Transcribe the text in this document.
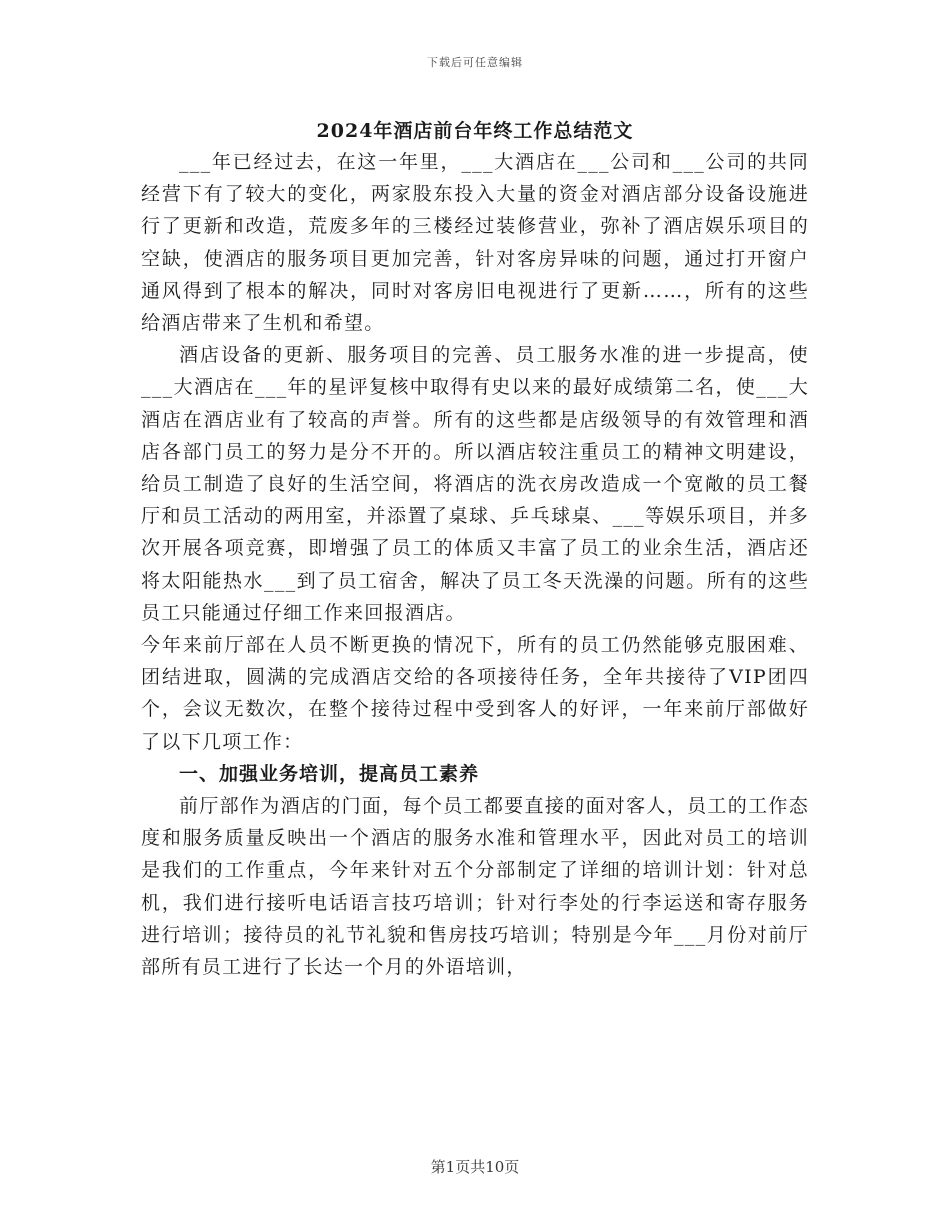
下载后可任意编辑
2024年酒店前台年终工作总结范文

___年已经过去，在这一年里，___大酒店在___公司和___公司的共同经营下有了较大的变化，两家股东投入大量的资金对酒店部分设备设施进行了更新和改造，荒废多年的三楼经过装修营业，弥补了酒店娱乐项目的空缺，使酒店的服务项目更加完善，针对客房异味的问题，通过打开窗户通风得到了根本的解决，同时对客房旧电视进行了更新……，所有的这些给酒店带来了生机和希望。

酒店设备的更新、服务项目的完善、员工服务水准的进一步提高，使___大酒店在___年的星评复核中取得有史以来的最好成绩第二名，使___大酒店在酒店业有了较高的声誉。所有的这些都是店级领导的有效管理和酒店各部门员工的努力是分不开的。所以酒店较注重员工的精神文明建设，给员工制造了良好的生活空间，将酒店的洗衣房改造成一个宽敞的员工餐厅和员工活动的两用室，并添置了桌球、乒乓球桌、___等娱乐项目，并多次开展各项竞赛，即增强了员工的体质又丰富了员工的业余生活，酒店还将太阳能热水___到了员工宿舍，解决了员工冬天洗澡的问题。所有的这些员工只能通过仔细工作来回报酒店。

今年来前厅部在人员不断更换的情况下，所有的员工仍然能够克服困难、团结进取，圆满的完成酒店交给的各项接待任务，全年共接待了VIP团四个，会议无数次，在整个接待过程中受到客人的好评，一年来前厅部做好了以下几项工作：

一、加强业务培训，提高员工素养

前厅部作为酒店的门面，每个员工都要直接的面对客人，员工的工作态度和服务质量反映出一个酒店的服务水准和管理水平，因此对员工的培训是我们的工作重点，今年来针对五个分部制定了详细的培训计划：针对总机，我们进行接听电话语言技巧培训；针对行李处的行李运送和寄存服务进行培训；接待员的礼节礼貌和售房技巧培训；特别是今年___月份对前厅部所有员工进行了长达一个月的外语培训，

第1页共10页
